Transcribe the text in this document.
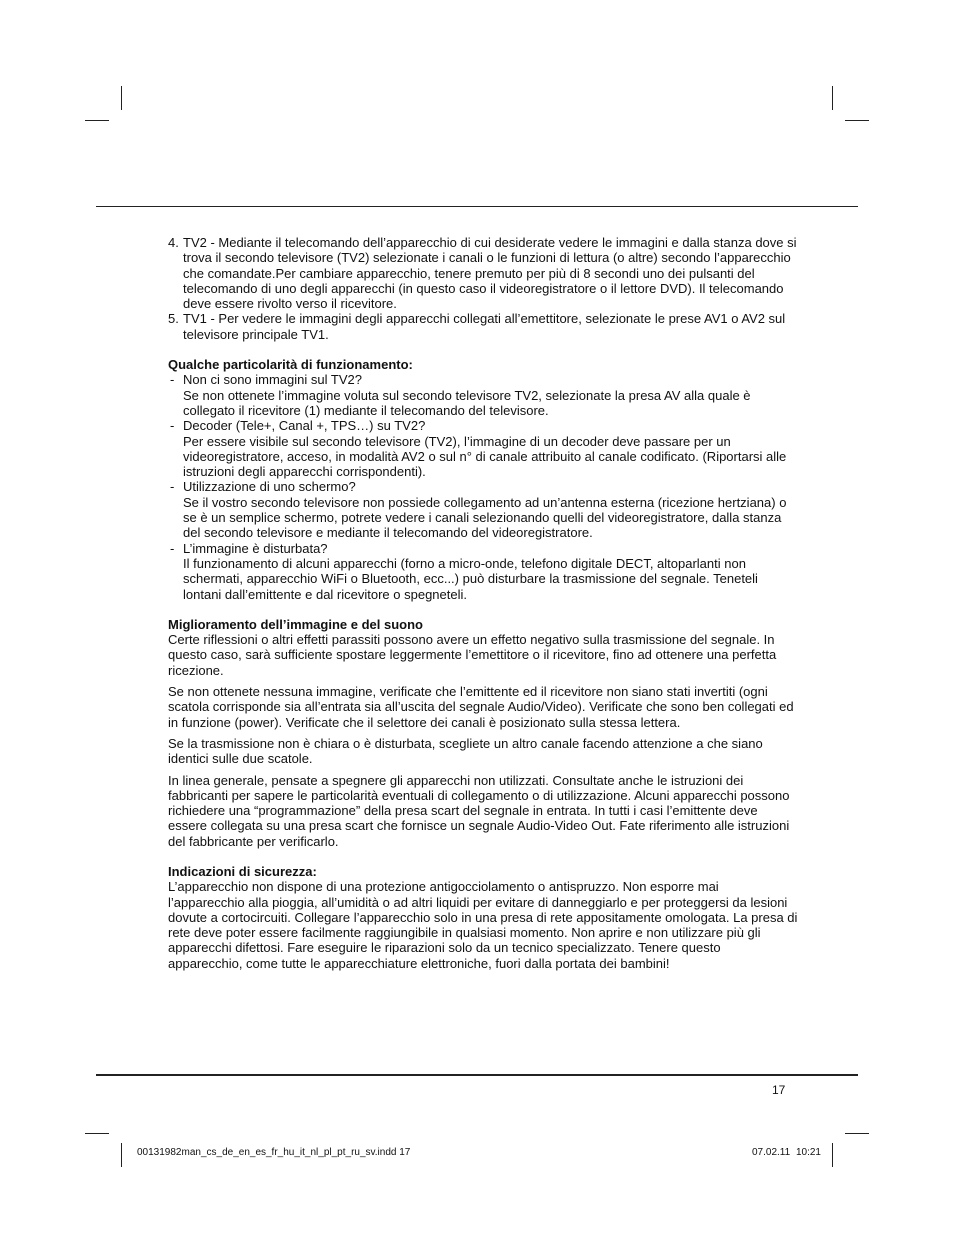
4. TV2 - Mediante il telecomando dell’apparecchio di cui desiderate vedere le immagini e dalla stanza dove si trova il secondo televisore (TV2) selezionate i canali o le funzioni di lettura (o altre) secondo l’apparecchio che comandate.Per cambiare apparecchio, tenere premuto per più di 8 secondi uno dei pulsanti del telecomando di uno degli apparecchi (in questo caso il videoregistratore o il lettore DVD). Il telecomando deve essere rivolto verso il ricevitore.
5. TV1 - Per vedere le immagini degli apparecchi collegati all’emettitore, selezionate le prese AV1 o AV2 sul televisore principale TV1.
Qualche particolarità di funzionamento:
- Non ci sono immagini sul TV2?
Se non ottenete l’immagine voluta sul secondo televisore TV2, selezionate la presa AV alla quale è collegato il ricevitore (1) mediante il telecomando del televisore.
- Decoder (Tele+, Canal +, TPS…) su TV2?
Per essere visibile sul secondo televisore (TV2), l’immagine di un decoder deve passare per un videoregistratore, acceso, in modalità AV2 o sul n° di canale attribuito al canale codificato. (Riportarsi alle istruzioni degli apparecchi corrispondenti).
- Utilizzazione di uno schermo?
Se il vostro secondo televisore non possiede collegamento ad un’antenna esterna (ricezione hertziana) o se è un semplice schermo, potrete vedere i canali selezionando quelli del videoregistratore, dalla stanza del secondo televisore e mediante il telecomando del videoregistratore.
- L’immagine è disturbata?
Il funzionamento di alcuni apparecchi (forno a micro-onde, telefono digitale DECT, altoparlanti non schermati, apparecchio WiFi o Bluetooth, ecc...) può disturbare la trasmissione del segnale. Teneteli lontani dall’emittente e dal ricevitore o spegneteli.
Miglioramento dell’immagine e del suono
Certe riflessioni o altri effetti parassiti possono avere un effetto negativo sulla trasmissione del segnale. In questo caso, sarà sufficiente spostare leggermente l’emettitore o il ricevitore, fino ad ottenere una perfetta ricezione.
Se non ottenete nessuna immagine, verificate che l’emittente ed il ricevitore non siano stati invertiti (ogni scatola corrisponde sia all’entrata sia all’uscita del segnale Audio/Video). Verificate che sono ben collegati ed in funzione (power). Verificate che il selettore dei canali è posizionato sulla stessa lettera.
Se la trasmissione non è chiara o è disturbata, scegliete un altro canale facendo attenzione a che siano identici sulle due scatole.
In linea generale, pensate a spegnere gli apparecchi non utilizzati. Consultate anche le istruzioni dei fabbricanti per sapere le particolarità eventuali di collegamento o di utilizzazione. Alcuni apparecchi possono richiedere una “programmazione” della presa scart del segnale in entrata. In tutti i casi l’emittente deve essere collegata su una presa scart che fornisce un segnale Audio-Video Out. Fate riferimento alle istruzioni del fabbricante per verificarlo.
Indicazioni di sicurezza:
L’apparecchio non dispone di una protezione antigocciolamento o antispruzzo. Non esporre mai l’apparecchio alla pioggia, all’umidità o ad altri liquidi per evitare di danneggiarlo e per proteggersi da lesioni dovute a cortocircuiti. Collegare l’apparecchio solo in una presa di rete appositamente omologata. La presa di rete deve poter essere facilmente raggiungibile in qualsiasi momento. Non aprire e non utilizzare più gli apparecchi difettosi. Fare eseguire le riparazioni solo da un tecnico specializzato. Tenere questo apparecchio, come tutte le apparecchiature elettroniche, fuori dalla portata dei bambini!
17
00131982man_cs_de_en_es_fr_hu_it_nl_pl_pt_ru_sv.indd 17	07.02.11 10:21
